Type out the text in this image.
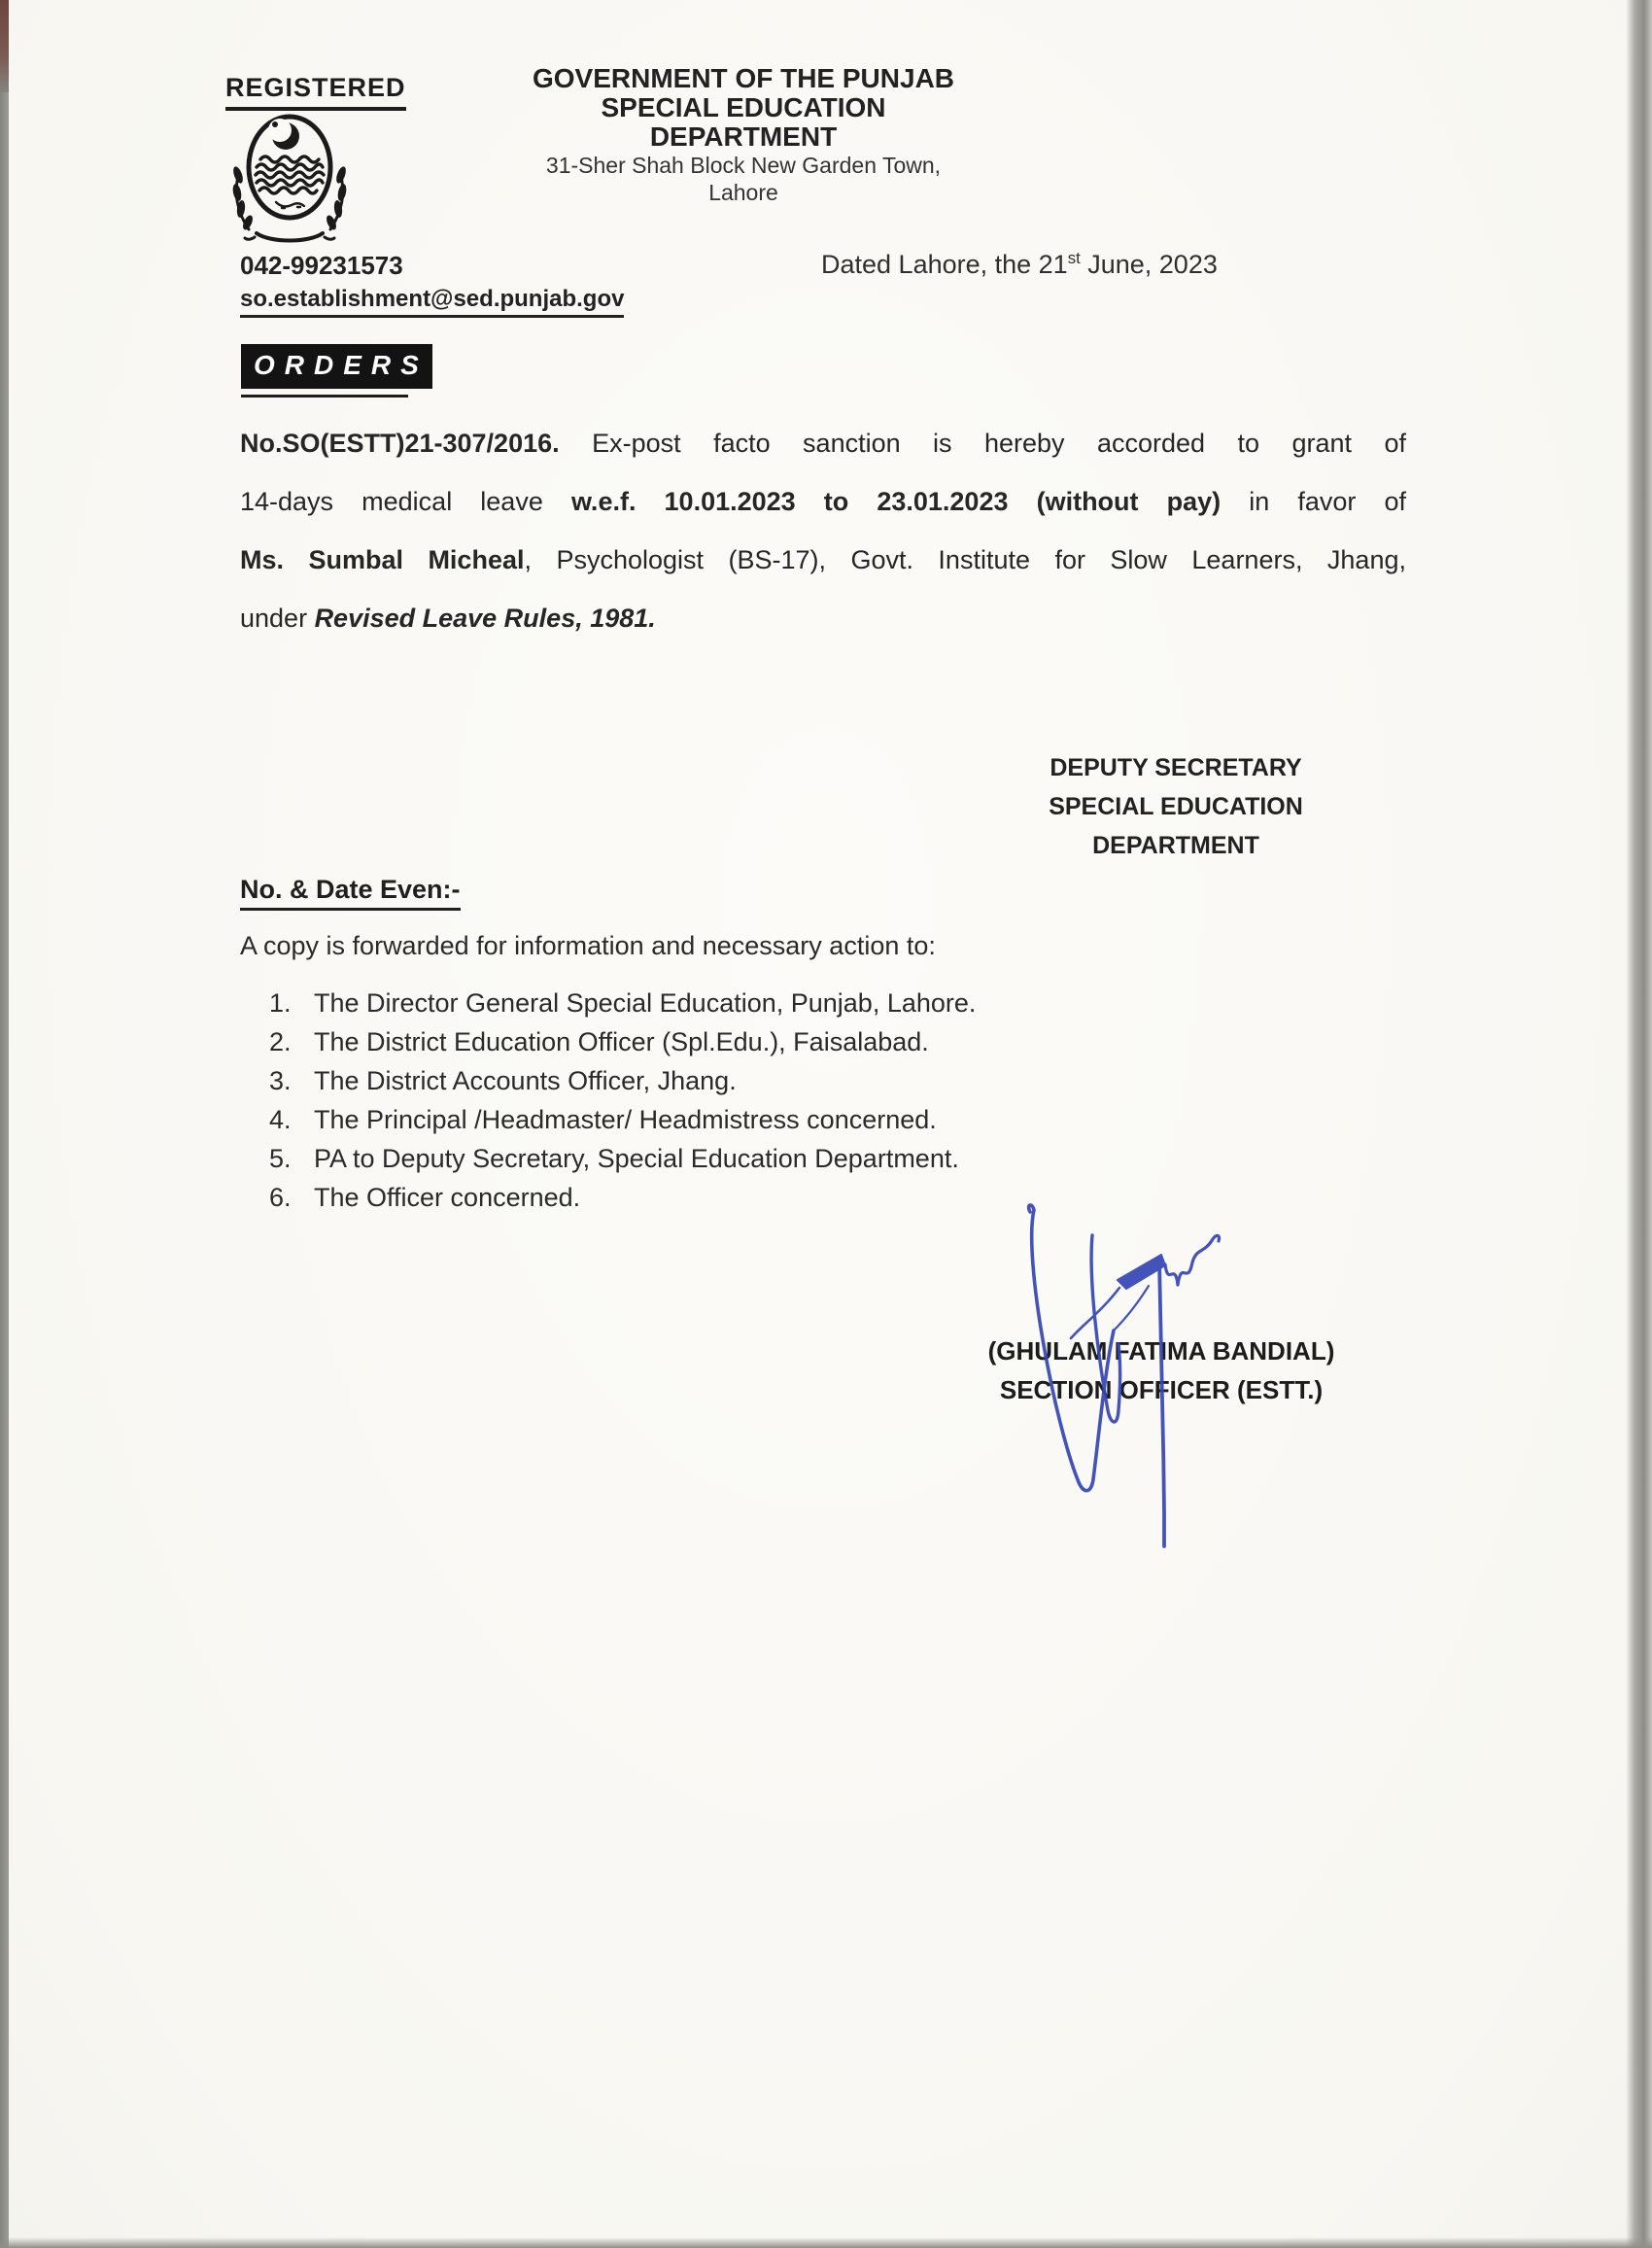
REGISTERED	GOVERNMENT OF THE PUNJAB
SPECIAL EDUCATION DEPARTMENT
31-Sher Shah Block New Garden Town, Lahore
042-99231573
so.establishment@sed.punjab.gov
Dated Lahore, the 21st June, 2023
ORDERS
No.SO(ESTT)21-307/2016. Ex-post facto sanction is hereby accorded to grant of
14-days medical leave w.e.f. 10.01.2023 to 23.01.2023 (without pay) in favor of
Ms. Sumbal Micheal, Psychologist (BS-17), Govt. Institute for Slow Learners, Jhang,
under Revised Leave Rules, 1981.
DEPUTY SECRETARY
SPECIAL EDUCATION
DEPARTMENT
No. & Date Even:-
A copy is forwarded for information and necessary action to:
1. The Director General Special Education, Punjab, Lahore.
2. The District Education Officer (Spl.Edu.), Faisalabad.
3. The District Accounts Officer, Jhang.
4. The Principal /Headmaster/ Headmistress concerned.
5. PA to Deputy Secretary, Special Education Department.
6. The Officer concerned.
(GHULAM FATIMA BANDIAL)
SECTION OFFICER (ESTT.)
